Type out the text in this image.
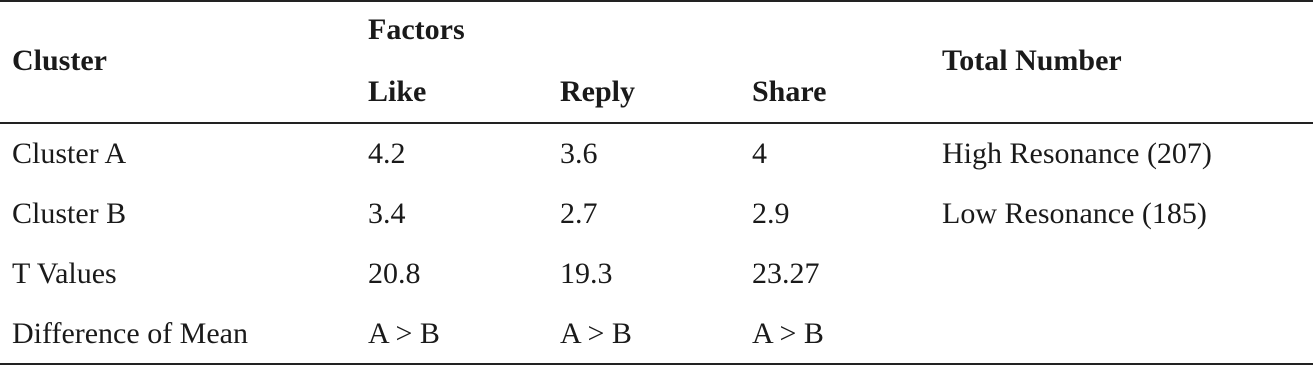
Cluster
Factors
Like	Reply	Share
Total Number
Cluster A	4.2	3.6	4	High Resonance (207)
Cluster B	3.4	2.7	2.9	Low Resonance (185)
T Values	20.8	19.3	23.27
Difference of Mean	A > B	A > B	A > B
